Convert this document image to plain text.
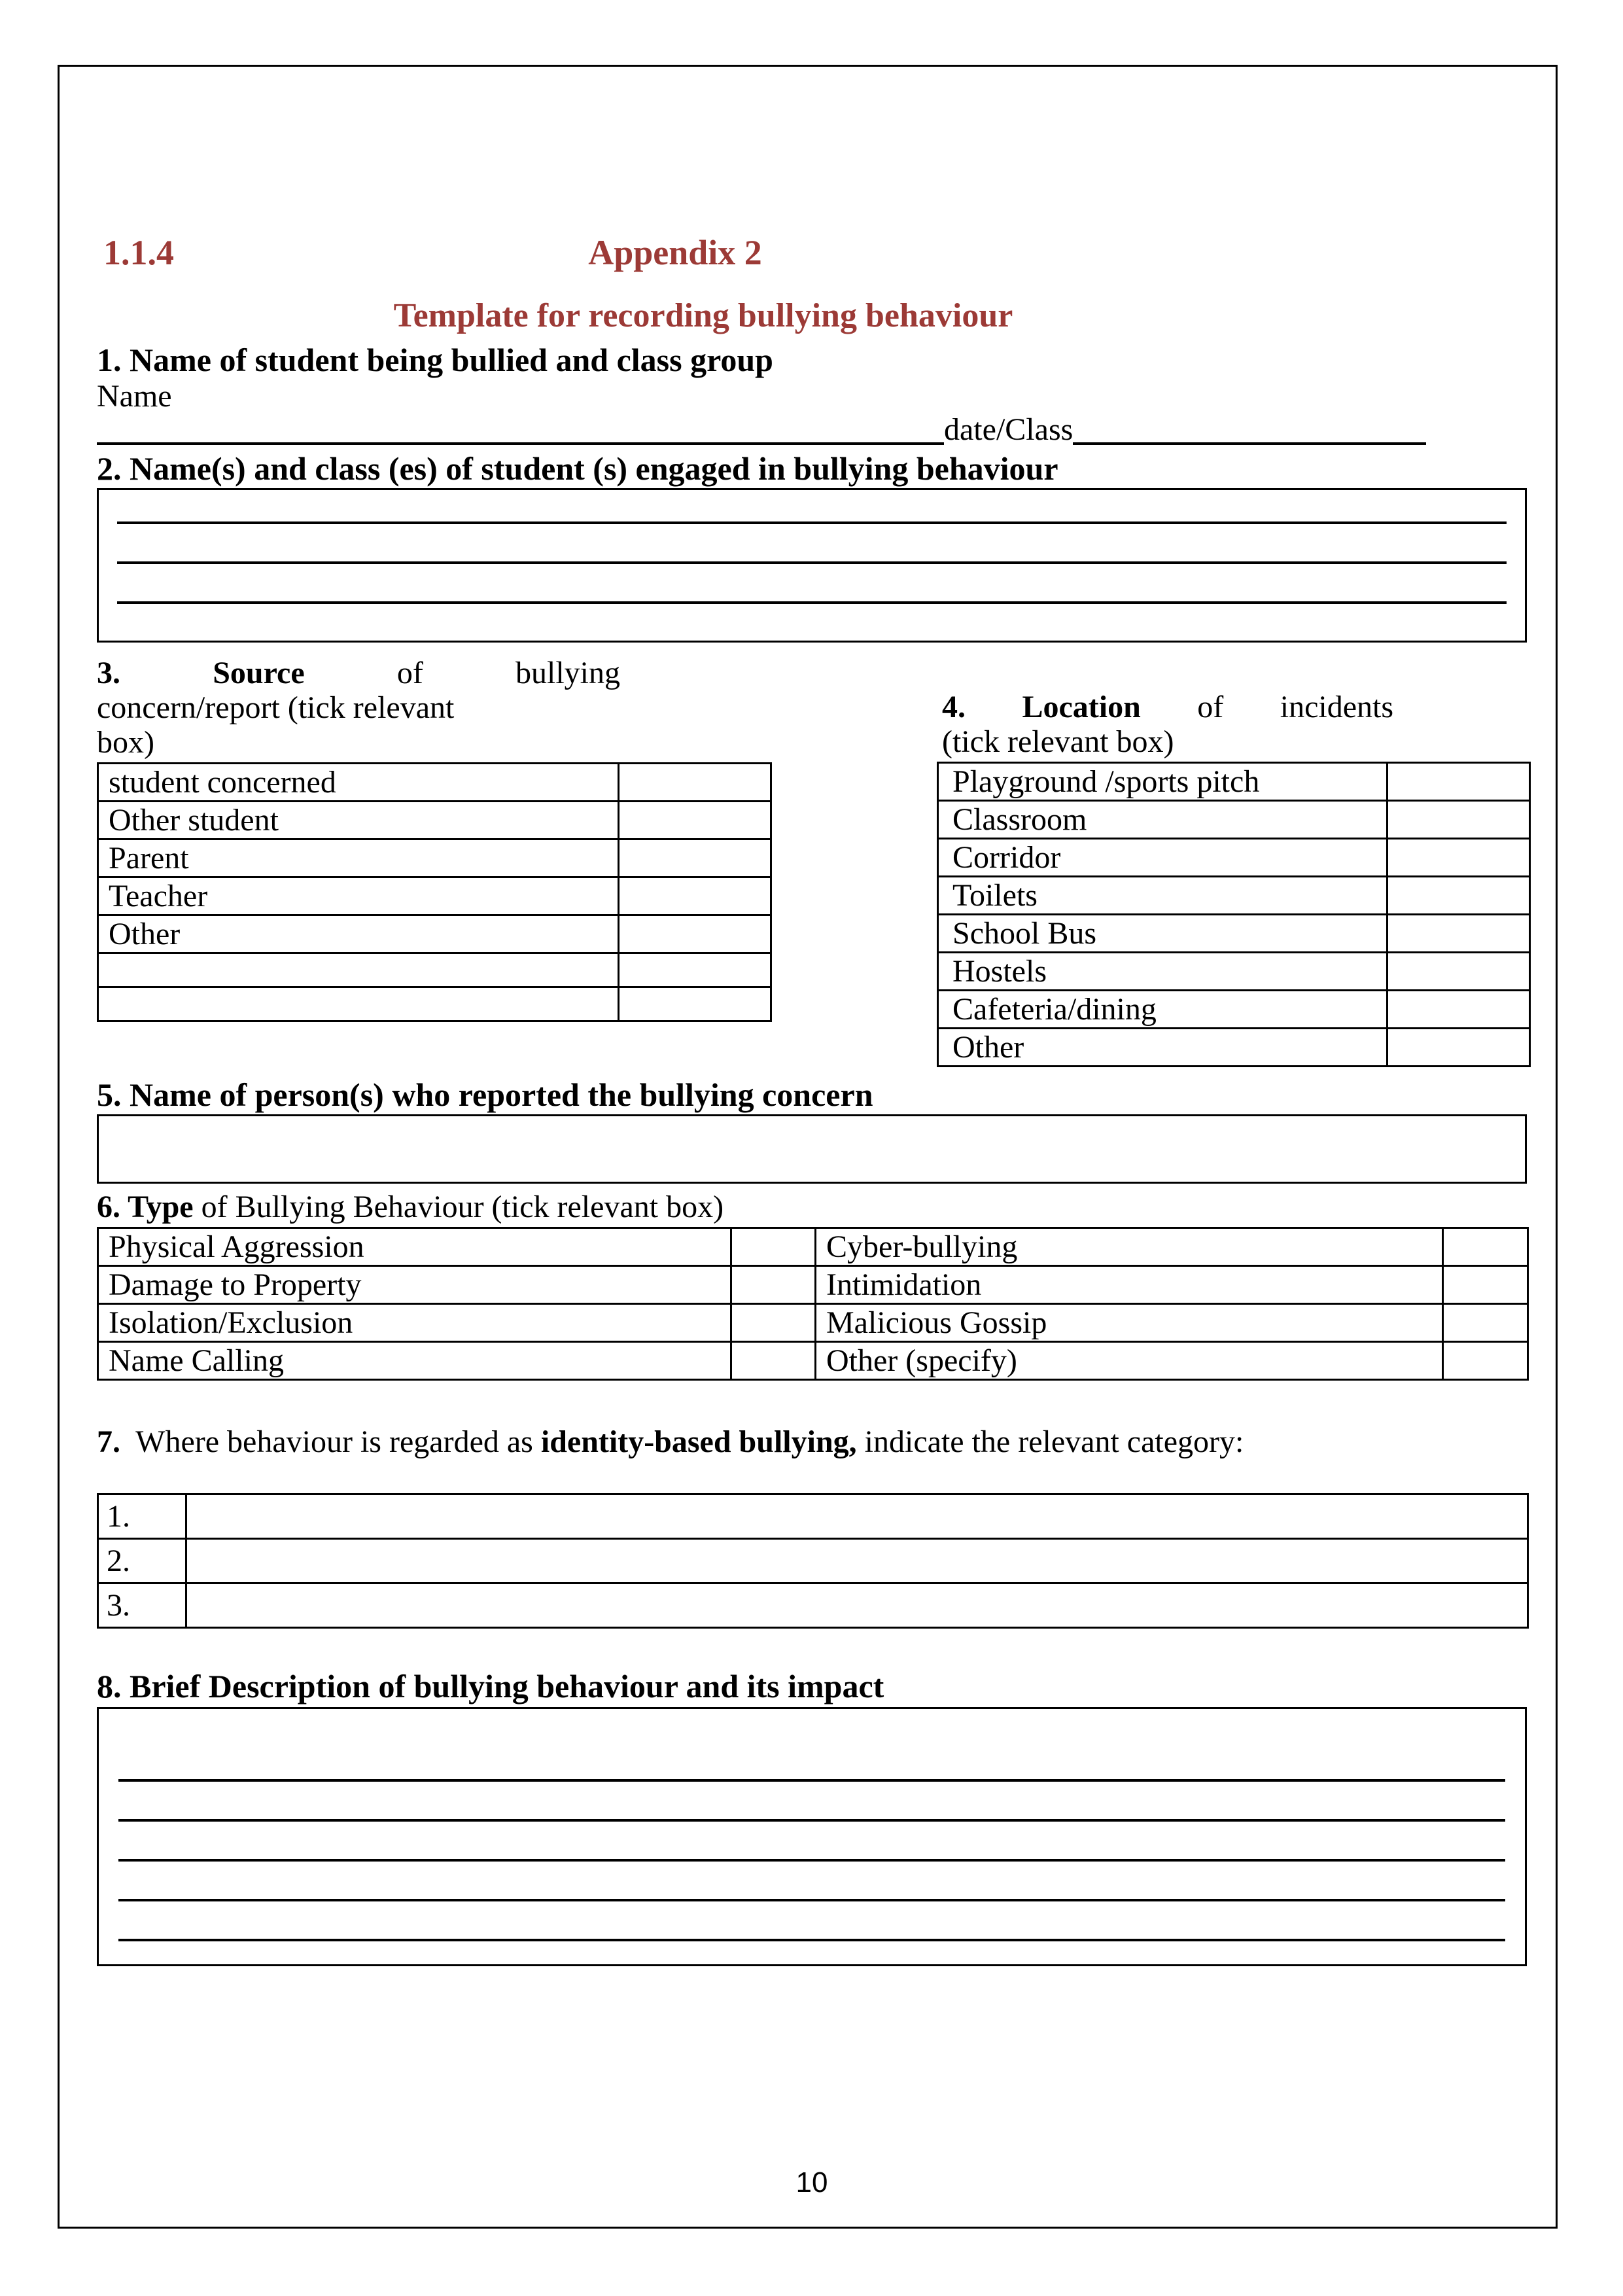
1.1.4	Appendix 2
Template for recording bullying behaviour
1. Name of student being bullied and class group
Name
date/Class
2. Name(s) and class (es) of student (s) engaged in bullying behaviour
3.	Source	of	bullying
concern/report (tick relevant
box)
student concerned	
Other student	
Parent	
Teacher	
Other	

4. Location of incidents
(tick relevant box)
Playground /sports pitch	
Classroom	
Corridor	
Toilets	
School Bus	
Hostels	
Cafeteria/dining	
Other	
5. Name of person(s) who reported the bullying concern
6. Type of Bullying Behaviour (tick relevant box)
Physical Aggression		Cyber-bullying	
Damage to Property		Intimidation	
Isolation/Exclusion		Malicious Gossip	
Name Calling		Other (specify)	
7. Where behaviour is regarded as identity-based bullying, indicate the relevant category:
1.	
2.	
3.	
8. Brief Description of bullying behaviour and its impact
10
